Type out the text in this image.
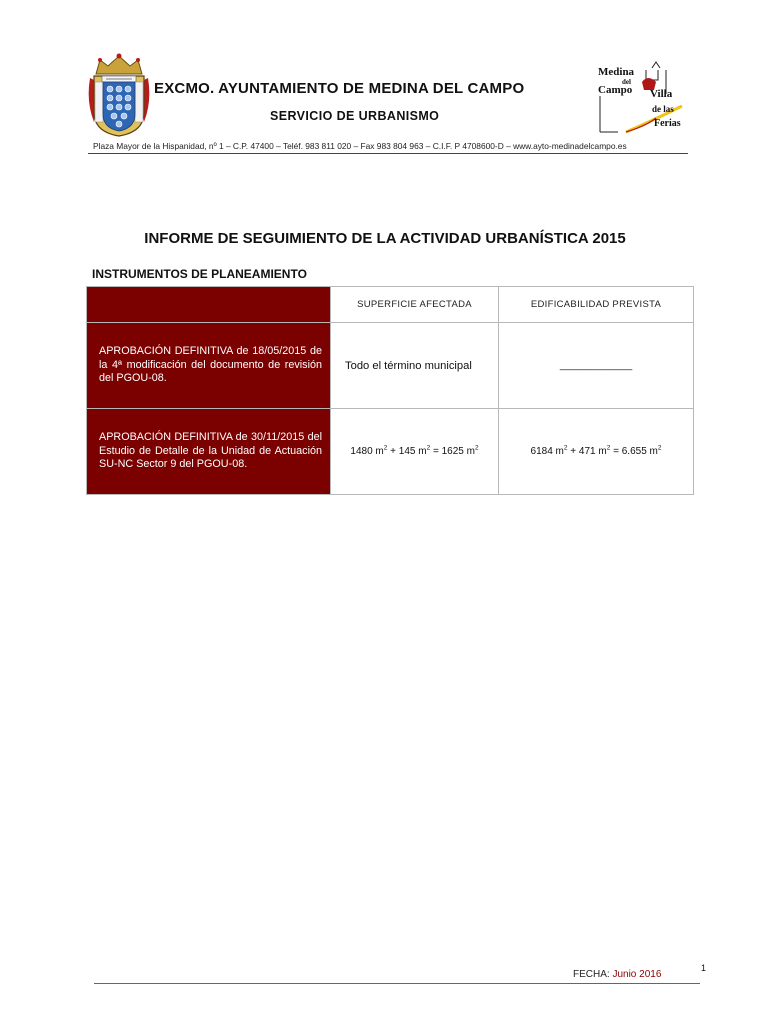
EXCMO. AYUNTAMIENTO DE MEDINA DEL CAMPO
SERVICIO DE URBANISMO
Medina
del
Campo Villa
de las
Ferias
Plaza Mayor de la Hispanidad, nº 1 – C.P. 47400 – Teléf. 983 811 020 – Fax 983 804 963 – C.I.F. P 4708600-D – www.ayto-medinadelcampo.es
INFORME DE SEGUIMIENTO DE LA ACTIVIDAD URBANÍSTICA 2015
INSTRUMENTOS DE PLANEAMIENTO
	SUPERFICIE AFECTADA	EDIFICABILIDAD PREVISTA

APROBACIÓN DEFINITIVA de 18/05/2015 de la 4ª modificación del documento de revisión del PGOU-08.	Todo el término municipal	_____________

APROBACIÓN DEFINITIVA de 30/11/2015 del Estudio de Detalle de la Unidad de Actuación SU-NC Sector 9 del PGOU-08.	1480 $m^2 + 145$ $m^2 = 1625$ $m^2$	6184 $m^2 + 471$ $m^2 = 6.655$ $m^2$
FECHA: Junio 2016
1
